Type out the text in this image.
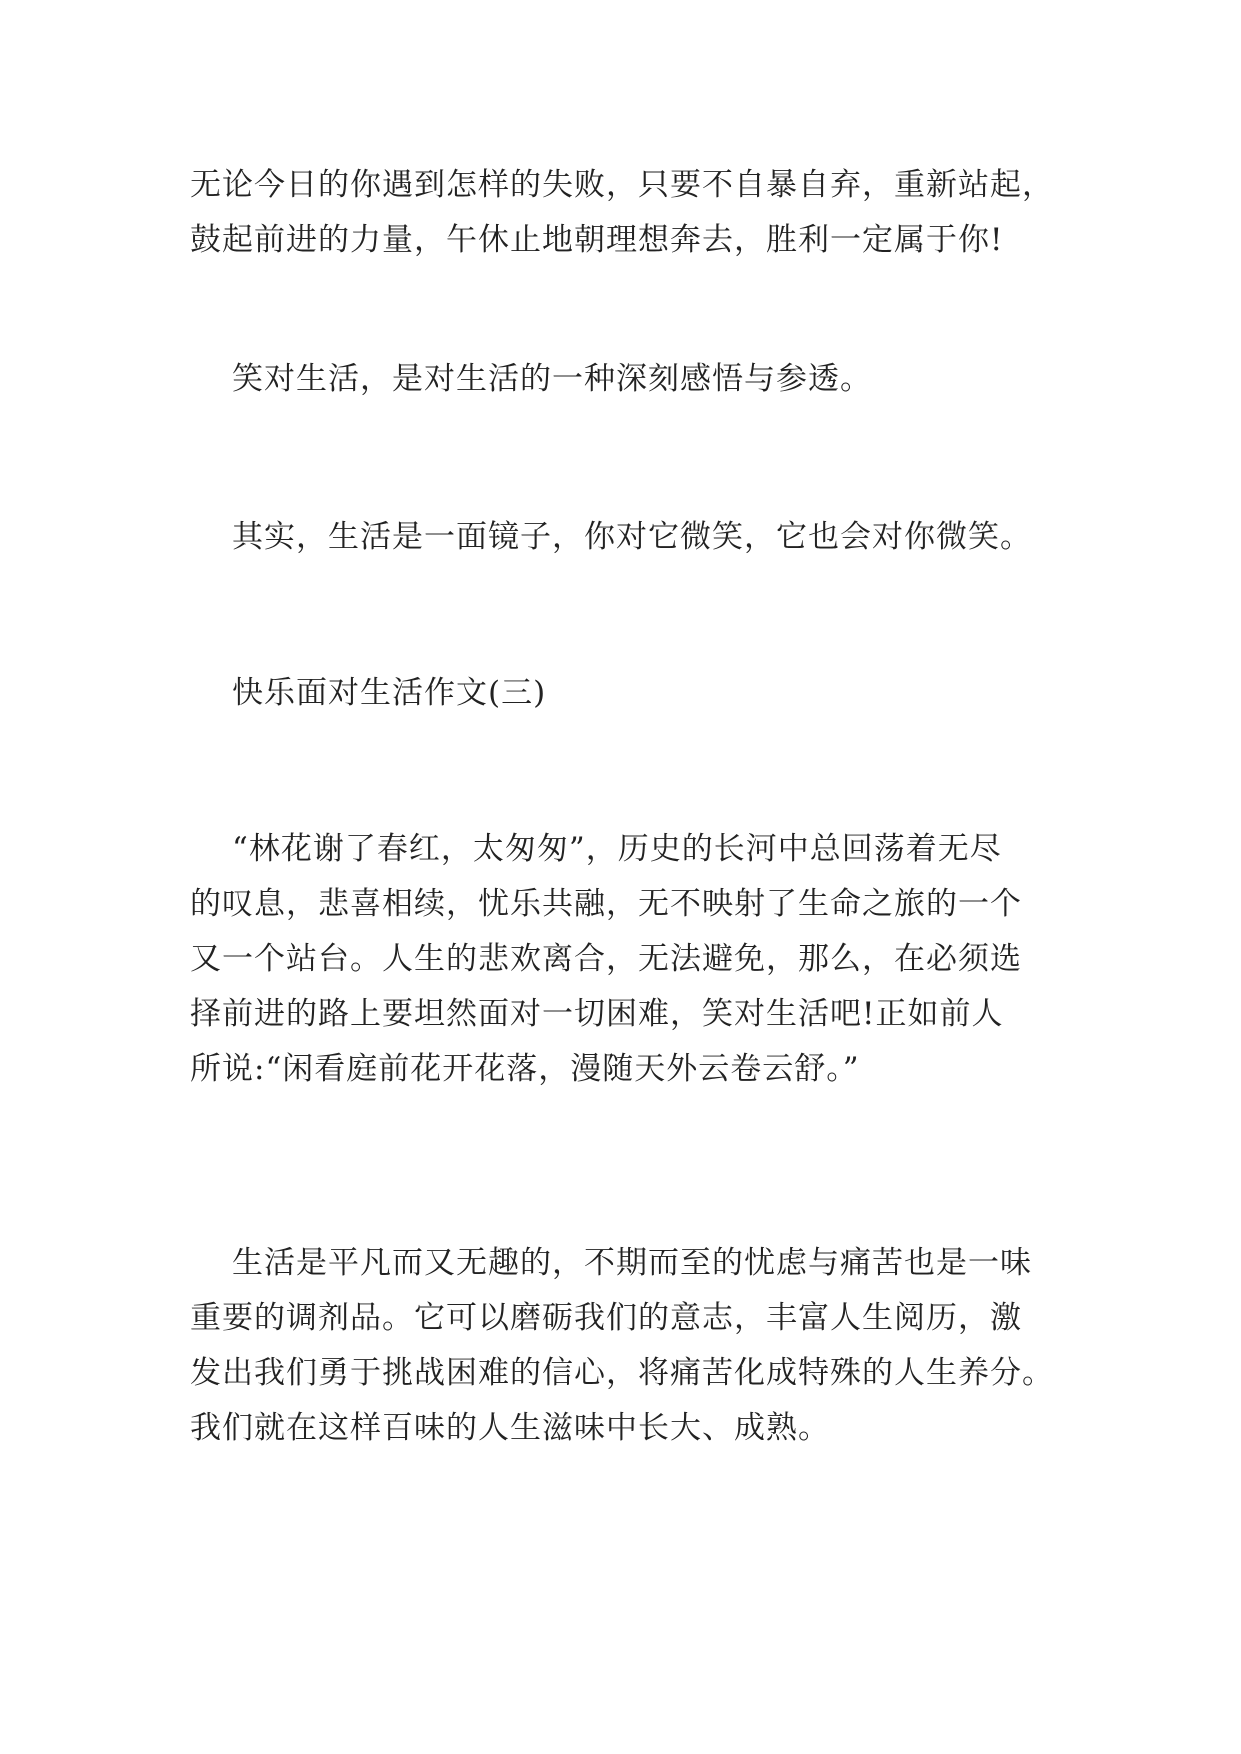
无论今日的你遇到怎样的失败，只要不自暴自弃，重新站起，
鼓起前进的力量，午休止地朝理想奔去，胜利一定属于你!
笑对生活，是对生活的一种深刻感悟与参透。
其实，生活是一面镜子，你对它微笑，它也会对你微笑。
快乐面对生活作文(三)
“林花谢了春红，太匆匆”，历史的长河中总回荡着无尽
的叹息，悲喜相续，忧乐共融，无不映射了生命之旅的一个
又一个站台。人生的悲欢离合，无法避免，那么，在必须选
择前进的路上要坦然面对一切困难，笑对生活吧!正如前人
所说:“闲看庭前花开花落，漫随天外云卷云舒。”
生活是平凡而又无趣的，不期而至的忧虑与痛苦也是一味
重要的调剂品。它可以磨砺我们的意志，丰富人生阅历，激
发出我们勇于挑战困难的信心，将痛苦化成特殊的人生养分。
我们就在这样百味的人生滋味中长大、成熟。
